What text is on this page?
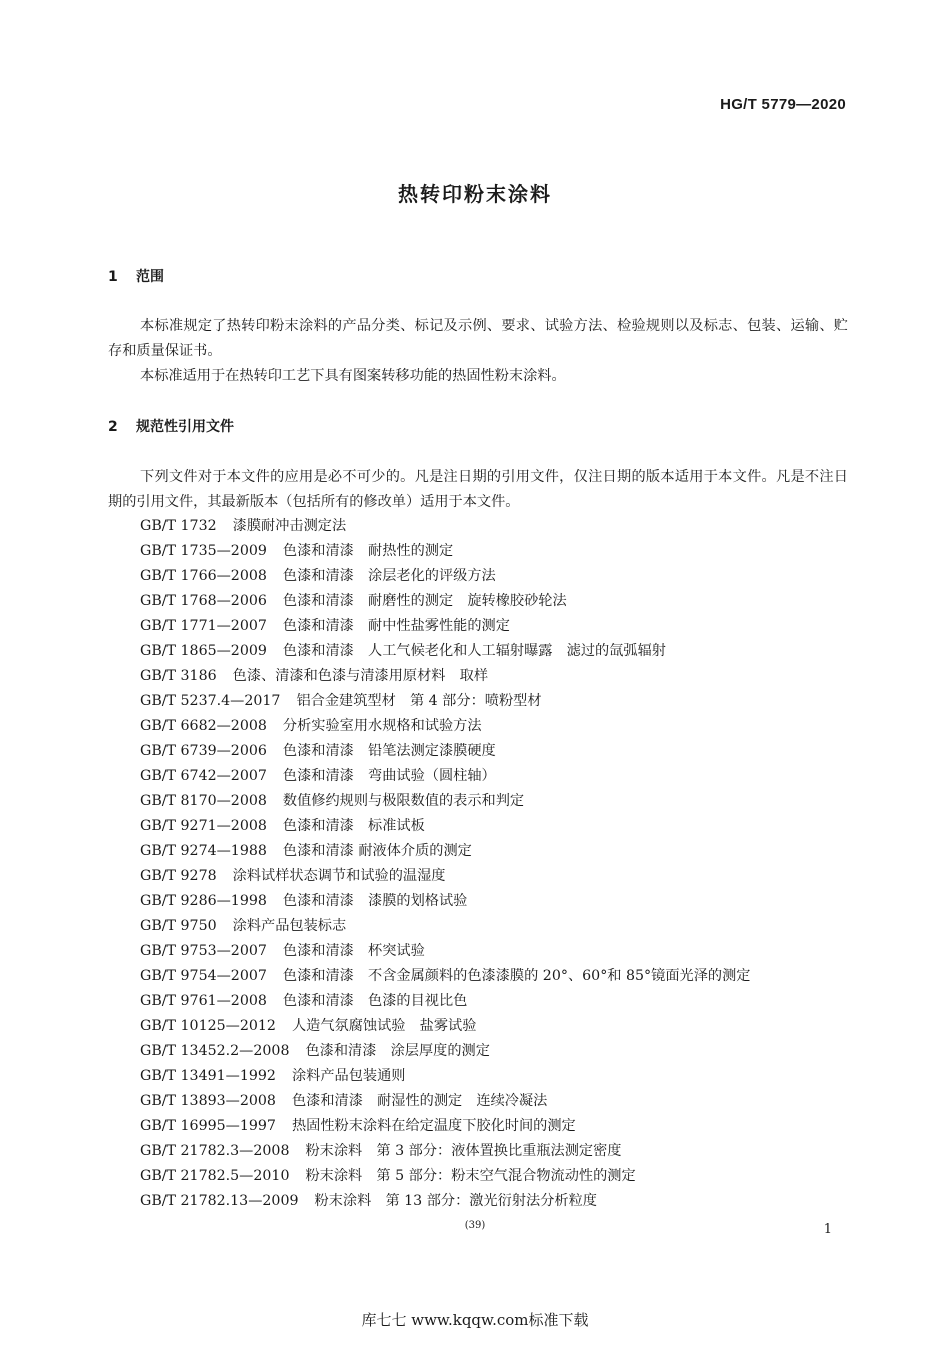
HG/T 5779—2020
热转印粉末涂料
1 范围

本标准规定了热转印粉末涂料的产品分类、标记及示例、要求、试验方法、检验规则以及标志、包装、运输、贮存和质量保证书。

本标准适用于在热转印工艺下具有图案转移功能的热固性粉末涂料。

2 规范性引用文件

下列文件对于本文件的应用是必不可少的。凡是注日期的引用文件，仅注日期的版本适用于本文件。凡是不注日期的引用文件，其最新版本（包括所有的修改单）适用于本文件。

GB/T 1732 漆膜耐冲击测定法
GB/T 1735—2009 色漆和清漆　耐热性的测定
GB/T 1766—2008 色漆和清漆　涂层老化的评级方法
GB/T 1768—2006 色漆和清漆　耐磨性的测定　旋转橡胶砂轮法
GB/T 1771—2007 色漆和清漆　耐中性盐雾性能的测定
GB/T 1865—2009 色漆和清漆　人工气候老化和人工辐射曝露　滤过的氙弧辐射
GB/T 3186 色漆、清漆和色漆与清漆用原材料　取样
GB/T 5237.4—2017 铝合金建筑型材　第 4 部分：喷粉型材
GB/T 6682—2008 分析实验室用水规格和试验方法
GB/T 6739—2006 色漆和清漆　铅笔法测定漆膜硬度
GB/T 6742—2007 色漆和清漆　弯曲试验（圆柱轴）
GB/T 8170—2008 数值修约规则与极限数值的表示和判定
GB/T 9271—2008 色漆和清漆　标准试板
GB/T 9274—1988 色漆和清漆 耐液体介质的测定
GB/T 9278 涂料试样状态调节和试验的温湿度
GB/T 9286—1998 色漆和清漆　漆膜的划格试验
GB/T 9750 涂料产品包装标志
GB/T 9753—2007 色漆和清漆　杯突试验
GB/T 9754—2007 色漆和清漆　不含金属颜料的色漆漆膜的 20°、60°和 85°镜面光泽的测定
GB/T 9761—2008 色漆和清漆　色漆的目视比色
GB/T 10125—2012 人造气氛腐蚀试验　盐雾试验
GB/T 13452.2—2008 色漆和清漆　涂层厚度的测定
GB/T 13491—1992 涂料产品包装通则
GB/T 13893—2008 色漆和清漆　耐湿性的测定　连续冷凝法
GB/T 16995—1997 热固性粉末涂料在给定温度下胶化时间的测定
GB/T 21782.3—2008 粉末涂料　第 3 部分：液体置换比重瓶法测定密度
GB/T 21782.5—2010 粉末涂料　第 5 部分：粉末空气混合物流动性的测定
GB/T 21782.13—2009 粉末涂料　第 13 部分：激光衍射法分析粒度
(39)	1
库七七 www.kqqw.com标准下载
